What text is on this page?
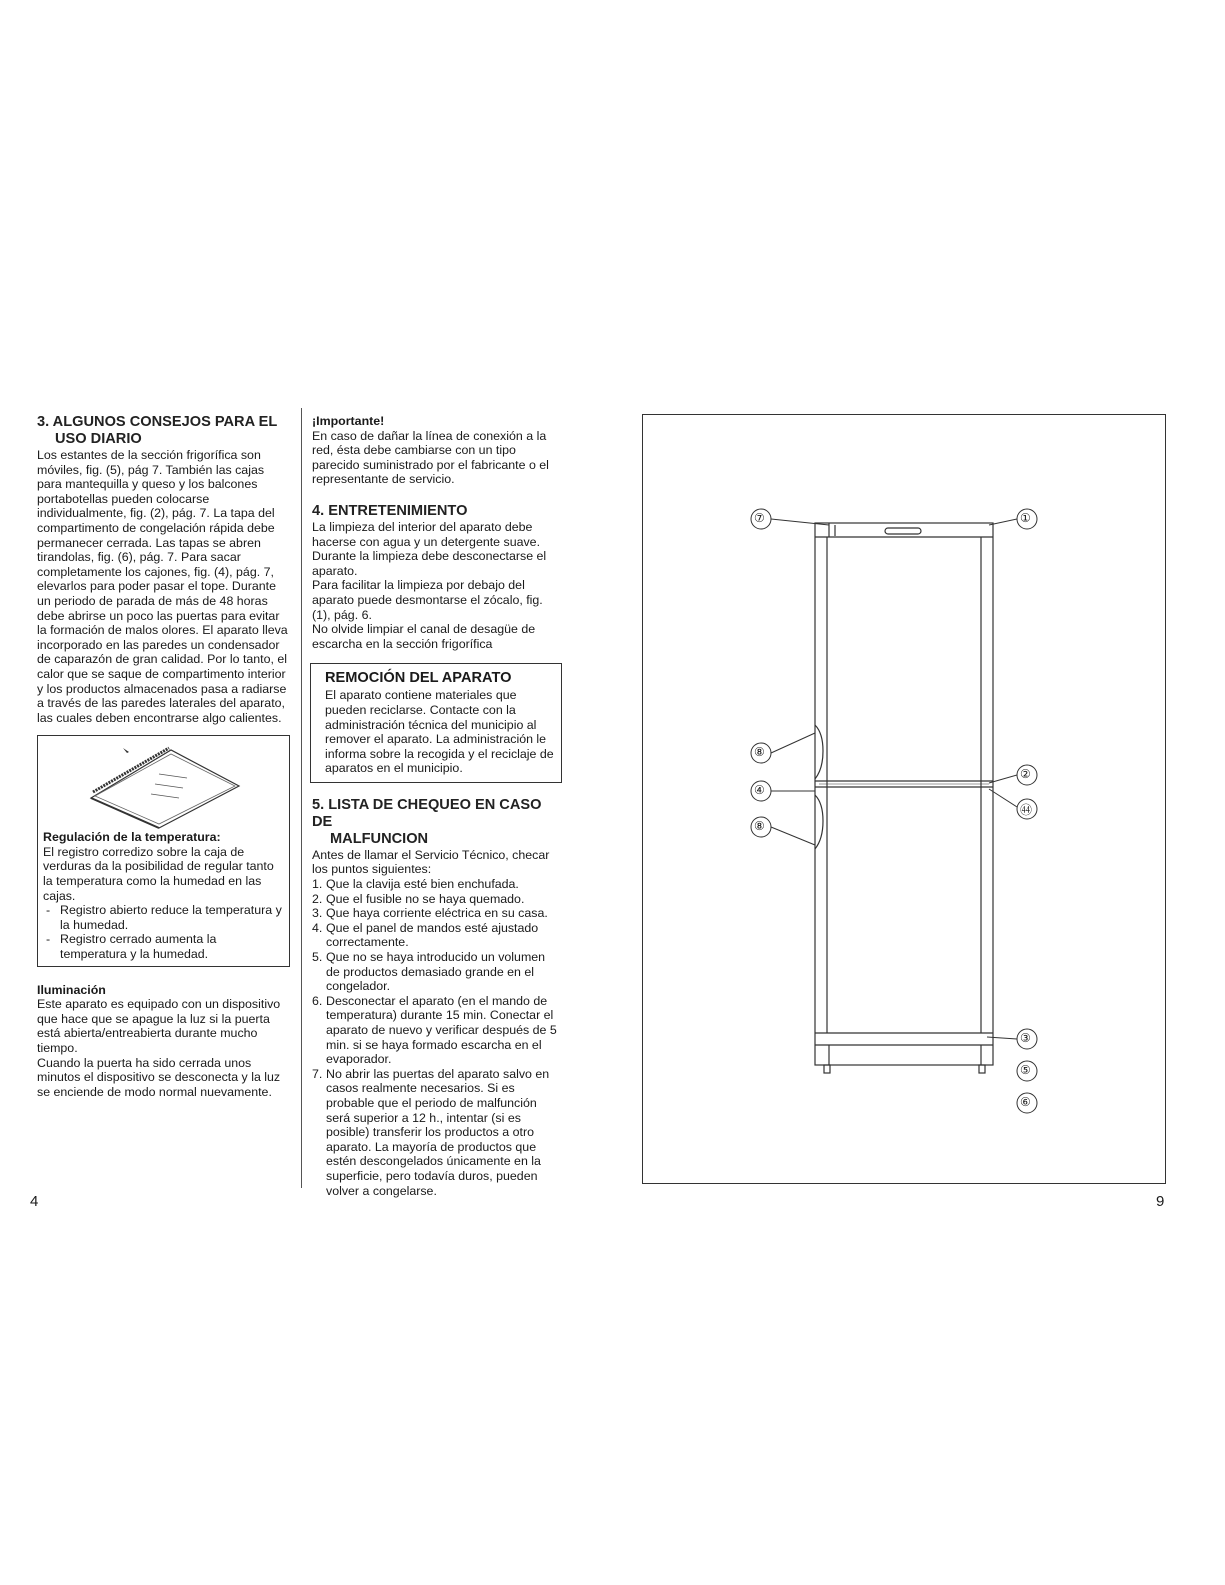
3. ALGUNOS CONSEJOS PARA EL
USO DIARIO

Los estantes de la sección frigorífica son móviles, fig. (5), pág 7. También las cajas para mantequilla y queso y los balcones portabotellas pueden colocarse individualmente, fig. (2), pág. 7. La tapa del compartimento de congelación rápida debe permanecer cerrada. Las tapas se abren tirandolas, fig. (6), pág. 7. Para sacar completamente los cajones, fig. (4), pág. 7, elevarlos para poder pasar el tope. Durante un periodo de parada de más de 48 horas debe abrirse un poco las puertas para evitar la formación de malos olores. El aparato lleva incorporado en las paredes un condensador de caparazón de gran calidad. Por lo tanto, el calor que se saque de compartimento interior y los productos almacenados pasa a radiarse a través de las paredes laterales del aparato, las cuales deben encontrarse algo calientes.

Regulación de la temperatura:

El registro corredizo sobre la caja de verduras da la posibilidad de regular tanto la temperatura como la humedad en las cajas.

- Registro abierto reduce la temperatura y la humedad.
- Registro cerrado aumenta la temperatura y la humedad.

Iluminación

Este aparato es equipado con un dispositivo que hace que se apague la luz si la puerta está abierta/entreabierta durante mucho tiempo.

Cuando la puerta ha sido cerrada unos minutos el dispositivo se desconecta y la luz se enciende de modo normal nuevamente.

¡Importante!

En caso de dañar la línea de conexión a la red, ésta debe cambiarse con un tipo parecido suministrado por el fabricante o el representante de servicio.

4. ENTRETENIMIENTO

La limpieza del interior del aparato debe hacerse con agua y un detergente suave. Durante la limpieza debe desconectarse el aparato.

Para facilitar la limpieza por debajo del aparato puede desmontarse el zócalo, fig. (1), pág. 6.

No olvide limpiar el canal de desagüe de escarcha en la sección frigorífica

REMOCIÓN DEL APARATO

El aparato contiene materiales que pueden reciclarse. Contacte con la administración técnica del municipio al remover el aparato. La administración le informa sobre la recogida y el reciclaje de aparatos en el municipio.

5. LISTA DE CHEQUEO EN CASO DE
MALFUNCION

Antes de llamar el Servicio Técnico, checar los puntos siguientes:

1. Que la clavija esté bien enchufada.
2. Que el fusible no se haya quemado.
3. Que haya corriente eléctrica en su casa.
4. Que el panel de mandos esté ajustado correctamente.
5. Que no se haya introducido un volumen de productos demasiado grande en el congelador.
6. Desconectar el aparato (en el mando de temperatura) durante 15 min. Conectar el aparato de nuevo y verificar después de 5 min. si se haya formado escarcha en el evaporador.
7. No abrir las puertas del aparato salvo en casos realmente necesarios. Si es probable que el periodo de malfunción será superior a 12 h., intentar (si es posible) transferir los productos a otro aparato. La mayoría de productos que estén descongelados únicamente en la superficie, pero todavía duros, pueden volver a congelarse.
4
⑦	①
⑧
②
④
㊹
⑧
③
⑤
⑥
9
